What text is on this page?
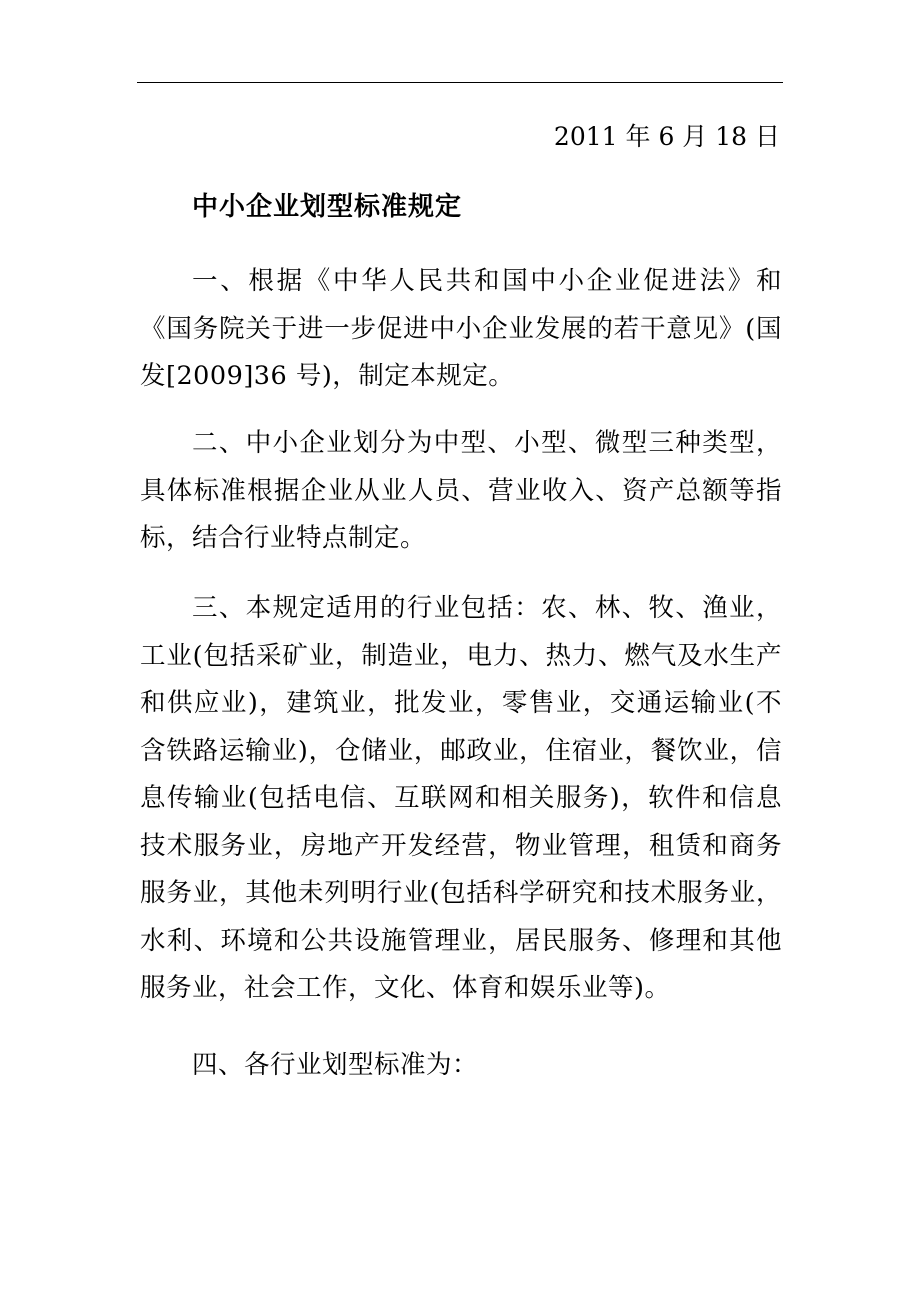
2011 年 6 月 18 日
中小企业划型标准规定

一、根据《中华人民共和国中小企业促进法》和《国务院关于进一步促进中小企业发展的若干意见》(国发[2009]36 号)，制定本规定。

二、中小企业划分为中型、小型、微型三种类型，具体标准根据企业从业人员、营业收入、资产总额等指标，结合行业特点制定。

三、本规定适用的行业包括：农、林、牧、渔业，工业(包括采矿业，制造业，电力、热力、燃气及水生产和供应业)，建筑业，批发业，零售业，交通运输业(不含铁路运输业)，仓储业，邮政业，住宿业，餐饮业，信息传输业(包括电信、互联网和相关服务)，软件和信息技术服务业，房地产开发经营，物业管理，租赁和商务服务业，其他未列明行业(包括科学研究和技术服务业，水利、环境和公共设施管理业，居民服务、修理和其他服务业，社会工作，文化、体育和娱乐业等)。

四、各行业划型标准为：
